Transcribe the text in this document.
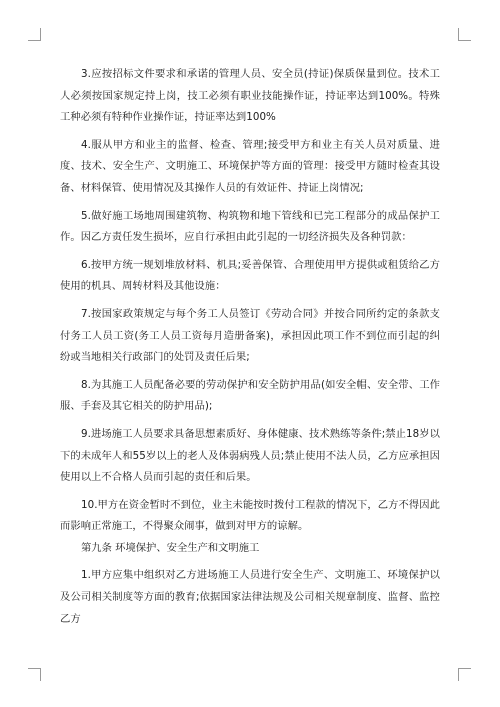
3.应按招标文件要求和承诺的管理人员、安全员(持证)保质保量到位。技术工人必须按国家规定持上岗，技工必须有职业技能操作证，持证率达到100%。特殊工种必须有特种作业操作证，持证率达到100%

4.服从甲方和业主的监督、检查、管理;接受甲方和业主有关人员对质量、进度、技术、安全生产、文明施工、环境保护等方面的管理：接受甲方随时检查其设备、材料保管、使用情况及其操作人员的有效证件、持证上岗情况;

5.做好施工场地周围建筑物、构筑物和地下管线和已完工程部分的成品保护工作。因乙方责任发生损坏，应自行承担由此引起的一切经济损失及各种罚款：

6.按甲方统一规划堆放材料、机具;妥善保管、合理使用甲方提供或租赁给乙方使用的机具、周转材料及其他设施：

7.按国家政策规定与每个务工人员签订《劳动合同》并按合同所约定的条款支付务工人员工资(务工人员工资每月造册备案)，承担因此项工作不到位而引起的纠纷或当地相关行政部门的处罚及责任后果;

8.为其施工人员配备必要的劳动保护和安全防护用品(如安全帽、安全带、工作服、手套及其它相关的防护用品);

9.进场施工人员要求具备思想素质好、身体健康、技术熟练等条件;禁止18岁以下的未成年人和55岁以上的老人及体弱病残人员;禁止使用不法人员，乙方应承担因使用以上不合格人员而引起的责任和后果。

10.甲方在资金暂时不到位，业主未能按时拨付工程款的情况下，乙方不得因此而影响正常施工，不得聚众闹事，做到对甲方的谅解。

第九条 环境保护、安全生产和文明施工

1.甲方应集中组织对乙方进场施工人员进行安全生产、文明施工、环境保护以及公司相关制度等方面的教育;依据国家法律法规及公司相关规章制度、监督、监控乙方
